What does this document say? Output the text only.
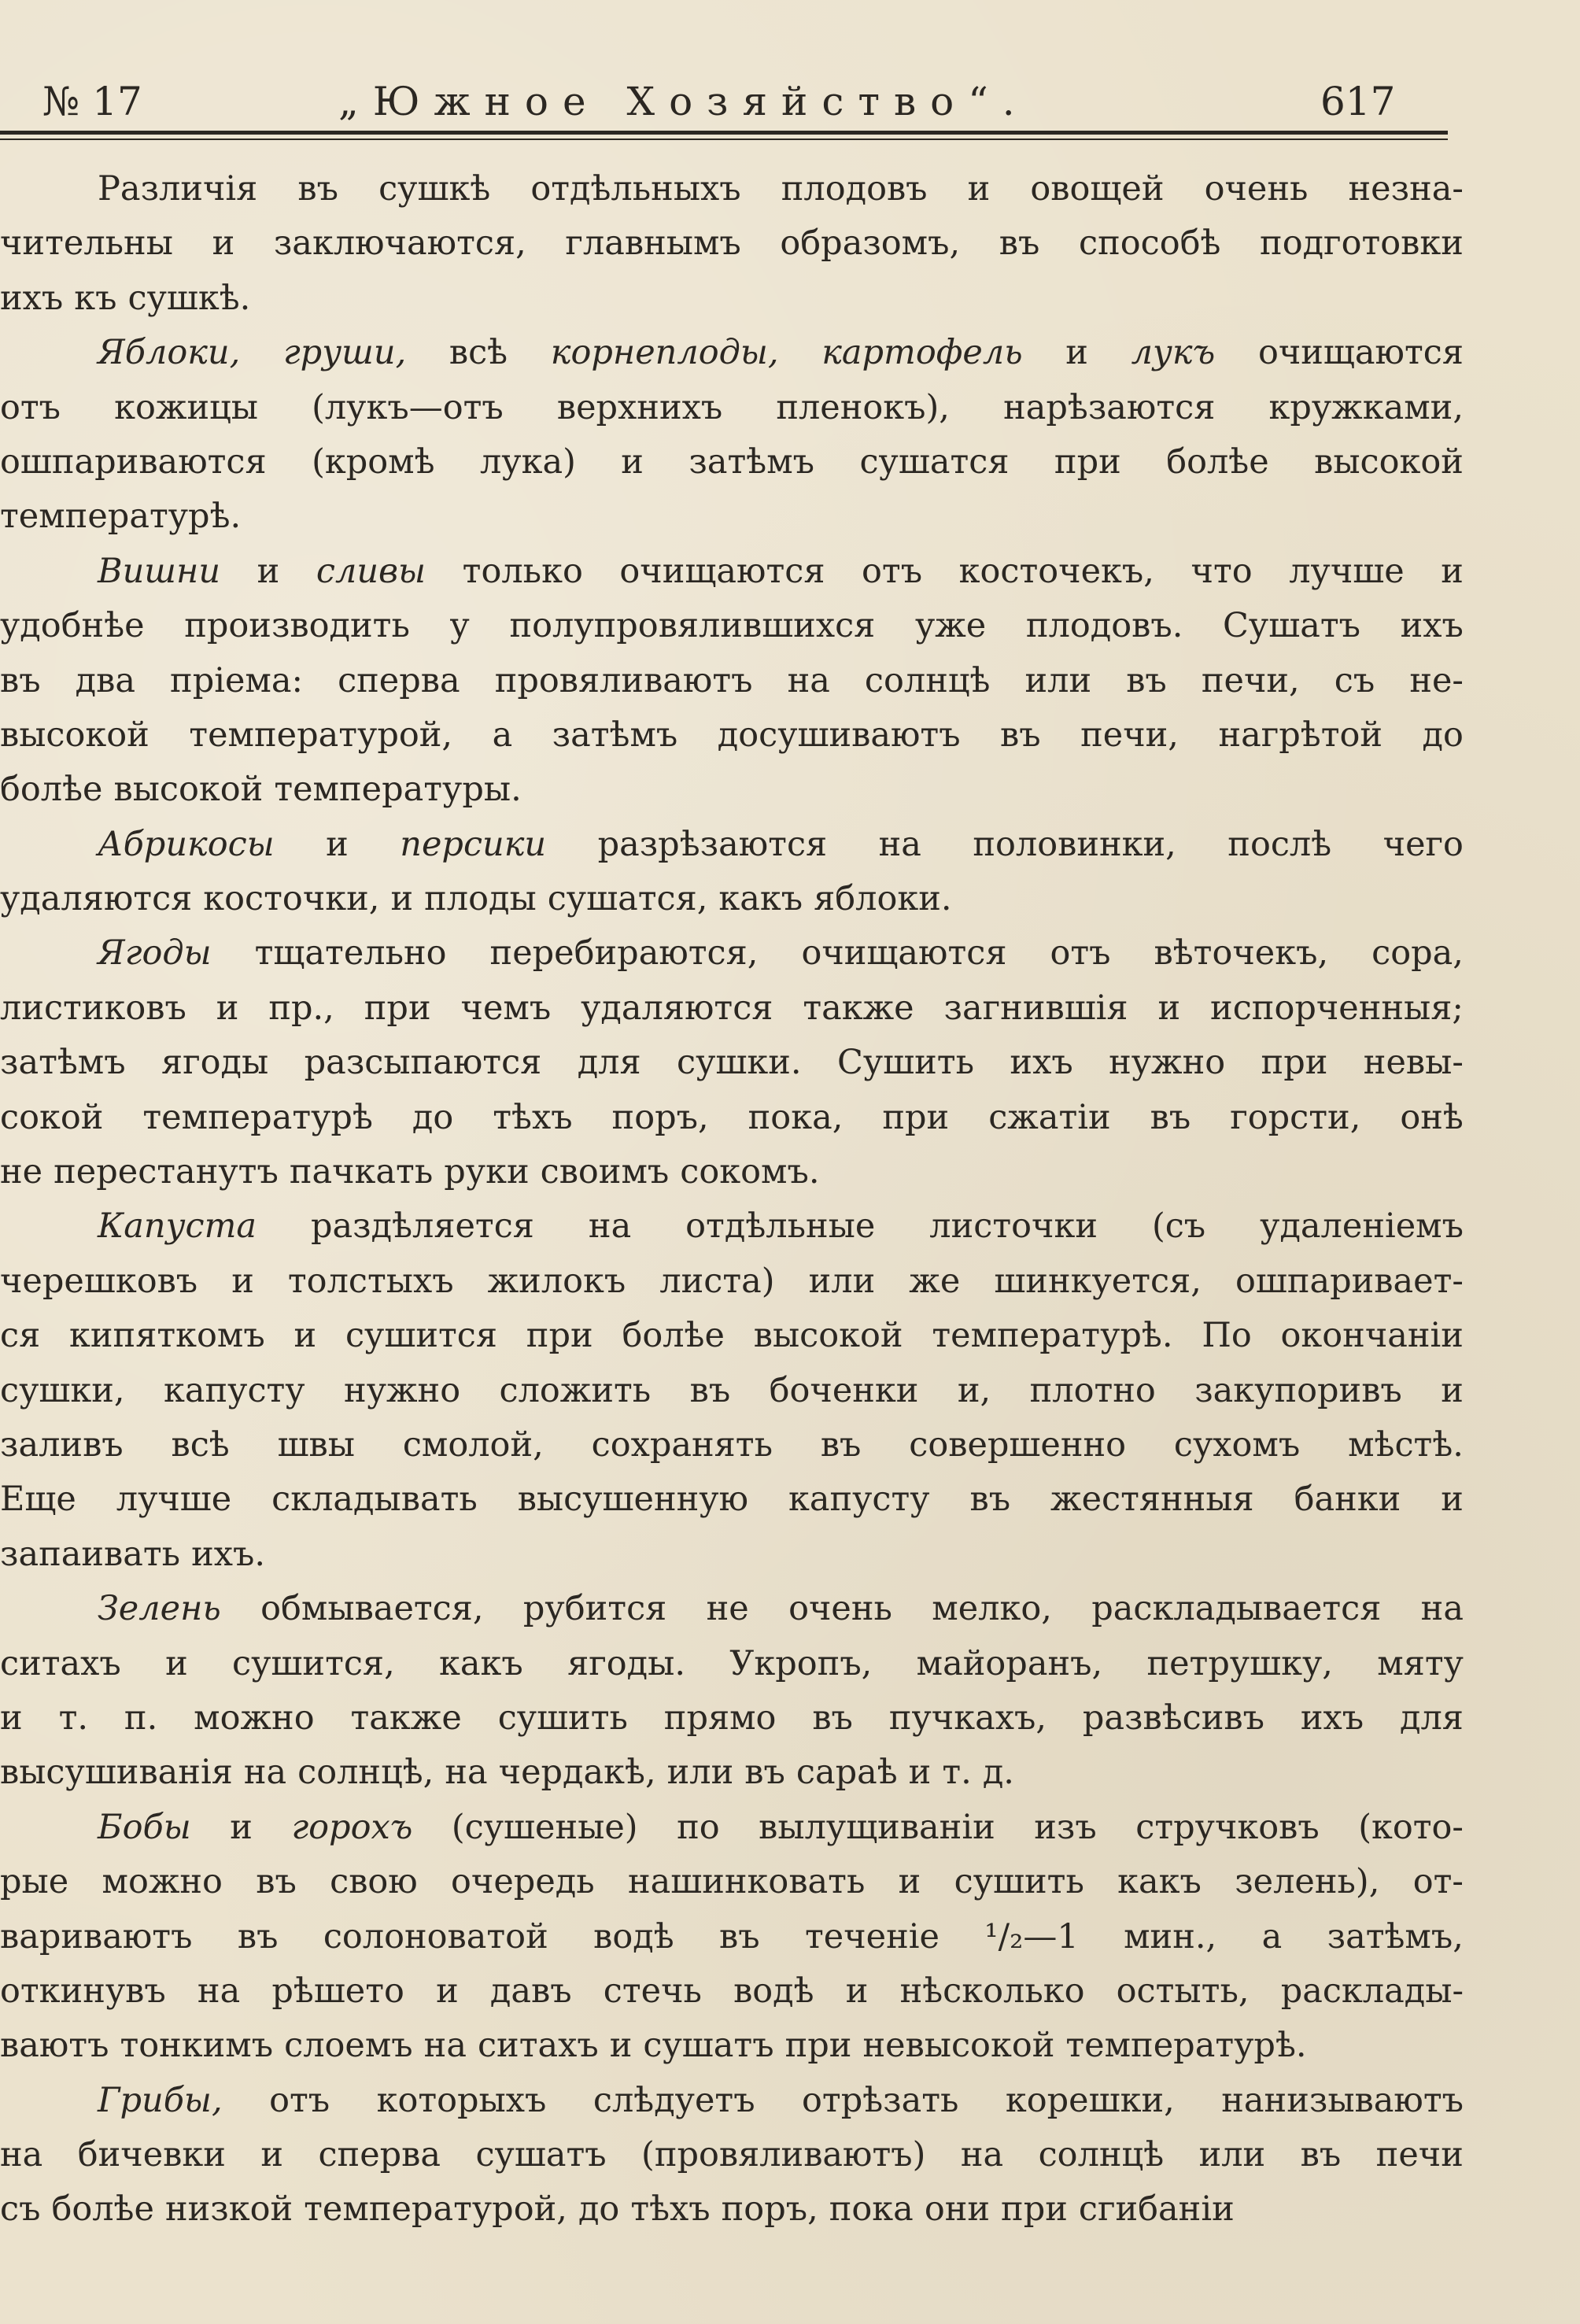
№ 17	„Южное Хозяйство“.	617
Различія въ сушкѣ отдѣльныхъ плодовъ и овощей очень незна-
чительны и заключаются, главнымъ образомъ, въ способѣ подготовки
ихъ къ сушкѣ.
Яблоки, груши, всѣ корнеплоды, картофель и лукъ очищаются
отъ кожицы (лукъ—отъ верхнихъ пленокъ), нарѣзаются кружками,
ошпариваются (кромѣ лука) и затѣмъ сушатся при болѣе высокой
температурѣ.
Вишни и сливы только очищаются отъ косточекъ, что лучше и
удобнѣе производить у полупровялившихся уже плодовъ. Сушатъ ихъ
въ два пріема: сперва провяливаютъ на солнцѣ или въ печи, съ не-
высокой температурой, а затѣмъ досушиваютъ въ печи, нагрѣтой до
болѣе высокой температуры.
Абрикосы и персики разрѣзаются на половинки, послѣ чего
удаляются косточки, и плоды сушатся, какъ яблоки.
Ягоды тщательно перебираются, очищаются отъ вѣточекъ, сора,
листиковъ и пр., при чемъ удаляются также загнившія и испорченныя;
затѣмъ ягоды разсыпаются для сушки. Сушить ихъ нужно при невы-
сокой температурѣ до тѣхъ поръ, пока, при сжатіи въ горсти, онѣ
не перестанутъ пачкать руки своимъ сокомъ.
Капуста раздѣляется на отдѣльные листочки (съ удаленіемъ
черешковъ и толстыхъ жилокъ листа) или же шинкуется, ошпаривает-
ся кипяткомъ и сушится при болѣе высокой температурѣ. По окончаніи
сушки, капусту нужно сложить въ боченки и, плотно закупоривъ и
заливъ всѣ швы смолой, сохранять въ совершенно сухомъ мѣстѣ.
Еще лучше складывать высушенную капусту въ жестянныя банки и
запаивать ихъ.
Зелень обмывается, рубится не очень мелко, раскладывается на
ситахъ и сушится, какъ ягоды. Укропъ, майоранъ, петрушку, мяту
и т. п. можно также сушить прямо въ пучкахъ, развѣсивъ ихъ для
высушиванія на солнцѣ, на чердакѣ, или въ сараѣ и т. д.
Бобы и горохъ (сушеные) по вылущиваніи изъ стручковъ (кото-
рые можно въ свою очередь нашинковать и сушить какъ зелень), от-
вариваютъ въ солоноватой водѣ въ теченіе ¹/₂—1 мин., а затѣмъ,
откинувъ на рѣшето и давъ стечь водѣ и нѣсколько остыть, расклады-
ваютъ тонкимъ слоемъ на ситахъ и сушатъ при невысокой температурѣ.
Грибы, отъ которыхъ слѣдуетъ отрѣзать корешки, нанизываютъ
на бичевки и сперва сушатъ (провяливаютъ) на солнцѣ или въ печи
съ болѣе низкой температурой, до тѣхъ поръ, пока они при сгибаніи
